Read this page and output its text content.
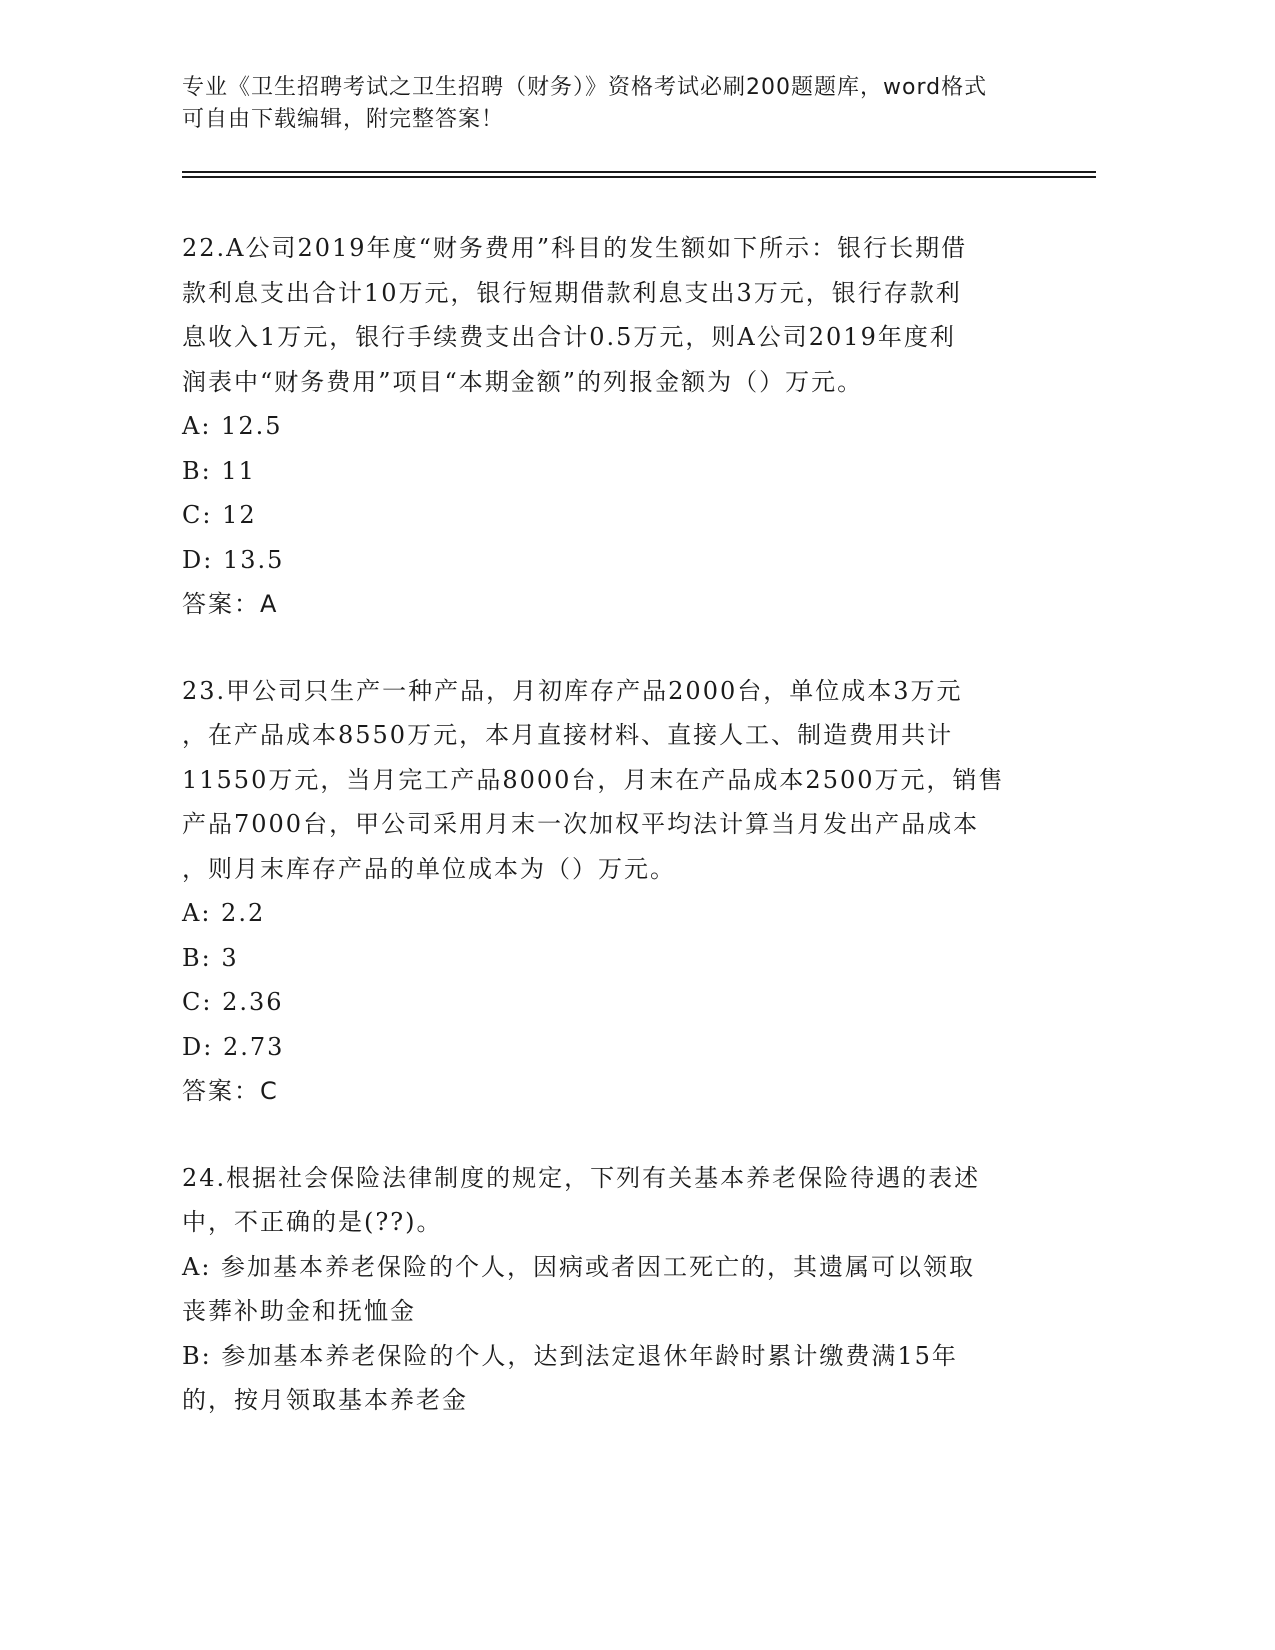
专业《卫生招聘考试之卫生招聘（财务）》资格考试必刷200题题库，word格式
可自由下载编辑，附完整答案！
22.A公司2019年度“财务费用”科目的发生额如下所示：银行长期借
款利息支出合计10万元，银行短期借款利息支出3万元，银行存款利
息收入1万元，银行手续费支出合计0.5万元，则A公司2019年度利
润表中“财务费用”项目“本期金额”的列报金额为（）万元。
A: 12.5
B: 11
C: 12
D: 13.5
答案：A
23.甲公司只生产一种产品，月初库存产品2000台，单位成本3万元
，在产品成本8550万元，本月直接材料、直接人工、制造费用共计
11550万元，当月完工产品8000台，月末在产品成本2500万元，销售
产品7000台，甲公司采用月末一次加权平均法计算当月发出产品成本
，则月末库存产品的单位成本为（）万元。
A: 2.2
B: 3
C: 2.36
D: 2.73
答案：C
24.根据社会保险法律制度的规定，下列有关基本养老保险待遇的表述
中，不正确的是(??)。
A: 参加基本养老保险的个人，因病或者因工死亡的，其遗属可以领取
丧葬补助金和抚恤金
B: 参加基本养老保险的个人，达到法定退休年龄时累计缴费满15年
的，按月领取基本养老金
